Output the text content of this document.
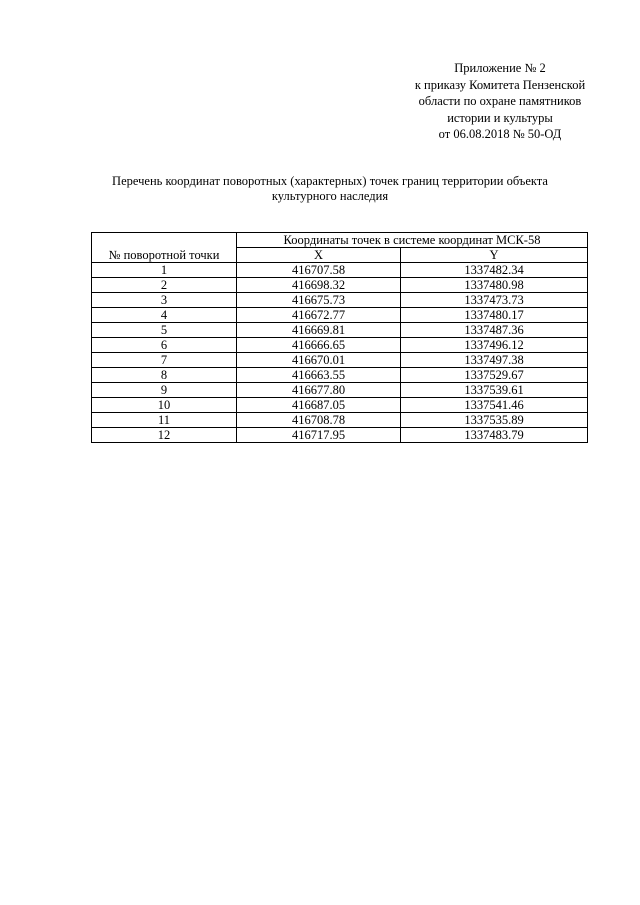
Приложение № 2
к приказу Комитета Пензенской
области по охране памятников
истории и культуры
от 06.08.2018 № 50-ОД
Перечень координат поворотных (характерных) точек границ территории объекта
культурного наследия
№ поворотной точки	Координаты точек в системе координат МСК-58	
	X	Y
1	416707.58	1337482.34
2	416698.32	1337480.98
3	416675.73	1337473.73
4	416672.77	1337480.17
5	416669.81	1337487.36
6	416666.65	1337496.12
7	416670.01	1337497.38
8	416663.55	1337529.67
9	416677.80	1337539.61
10	416687.05	1337541.46
11	416708.78	1337535.89
12	416717.95	1337483.79
